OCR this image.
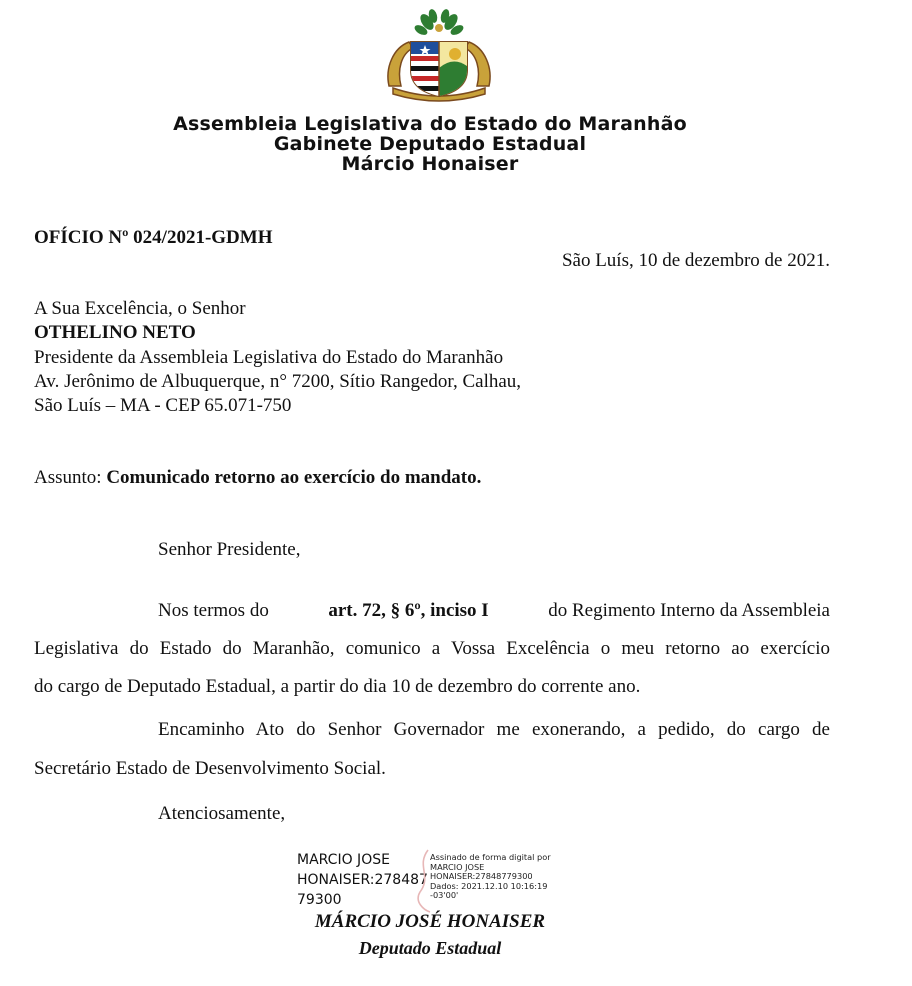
Assembleia Legislativa do Estado do Maranhão
Gabinete Deputado Estadual
Márcio Honaiser
OFÍCIO Nº 024/2021-GDMH
São Luís, 10 de dezembro de 2021.
A Sua Excelência, o Senhor
OTHELINO NETO
Presidente da Assembleia Legislativa do Estado do Maranhão
Av. Jerônimo de Albuquerque, n° 7200, Sítio Rangedor, Calhau,
São Luís – MA - CEP 65.071-750
Assunto: Comunicado retorno ao exercício do mandato.
Senhor Presidente,
Nos termos do	art. 72, § 6º, inciso I	do Regimento Interno da Assembleia
Legislativa do Estado do Maranhão, comunico a Vossa Excelência o meu retorno ao exercício
do cargo de Deputado Estadual, a partir do dia 10 de dezembro do corrente ano.
Encaminho Ato do Senhor Governador me exonerando, a pedido, do cargo de
Secretário Estado de Desenvolvimento Social.
Atenciosamente,
MARCIO JOSE
HONAISER:278487
79300
Assinado de forma digital por
MARCIO JOSE
HONAISER:27848779300
Dados: 2021.12.10 10:16:19
-03'00'
MÁRCIO JOSÉ HONAISER
Deputado Estadual
